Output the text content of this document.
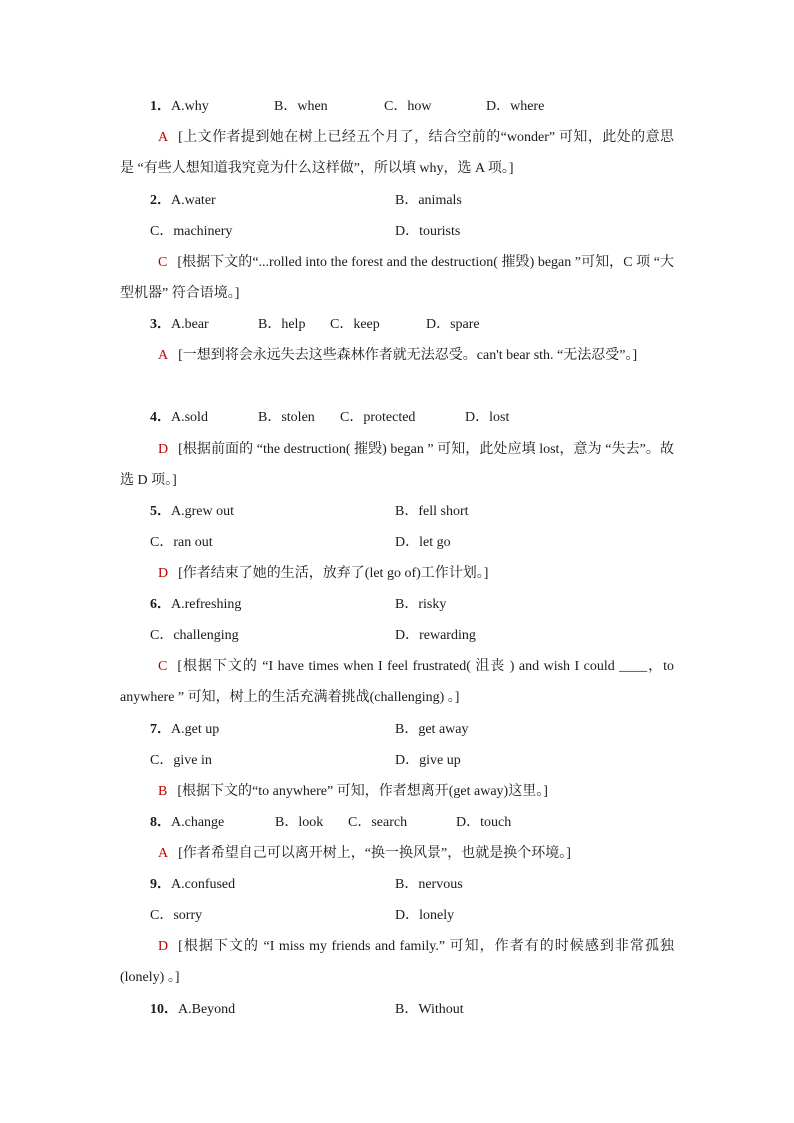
1．A.why	B．when	C．how	D．where
A [上文作者提到她在树上已经五个月了，结合空前的“wonder” 可知，此处的意思是 “有些人想知道我究竟为什么这样做”，所以填 why，选 A 项。]
2．A.water	B．animals
C．machinery	D．tourists
C [根据下文的“...rolled into the forest and the destruction( 摧毁) began ”可知，C 项 “大型机器” 符合语境。]
3．A.bear	B．help C．keep	D．spare
A [一想到将会永远失去这些森林作者就无法忍受。can't bear sth. “无法忍受”。]
4．A.sold	B．stolen C．protected	D．lost
D [根据前面的 “the destruction( 摧毁) began ” 可知，此处应填 lost，意为 “失去”。故选 D 项。]
5．A.grew out	B．fell short
C．ran out	D．let go
D [作者结束了她的生活，放弃了(let go of)工作计划。]
6．A.refreshing	B．risky
C．challenging	D．rewarding
C [根据下文的 “I have times when I feel frustrated( 沮丧 ) and wish I could ____，to anywhere ” 可知，树上的生活充满着挑战(challenging) 。]
7．A.get up	B．get away
C．give in	D．give up
B [根据下文的“to anywhere” 可知，作者想离开(get away)这里。]
8．A.change	B．look C．search	D．touch
A [作者希望自己可以离开树上，“换一换风景”，也就是换个环境。]
9．A.confused	B．nervous
C．sorry	D．lonely
D [根据下文的 “I miss my friends and family.” 可知，作者有的时候感到非常孤独(lonely) 。]
10．A.Beyond	B．Without
